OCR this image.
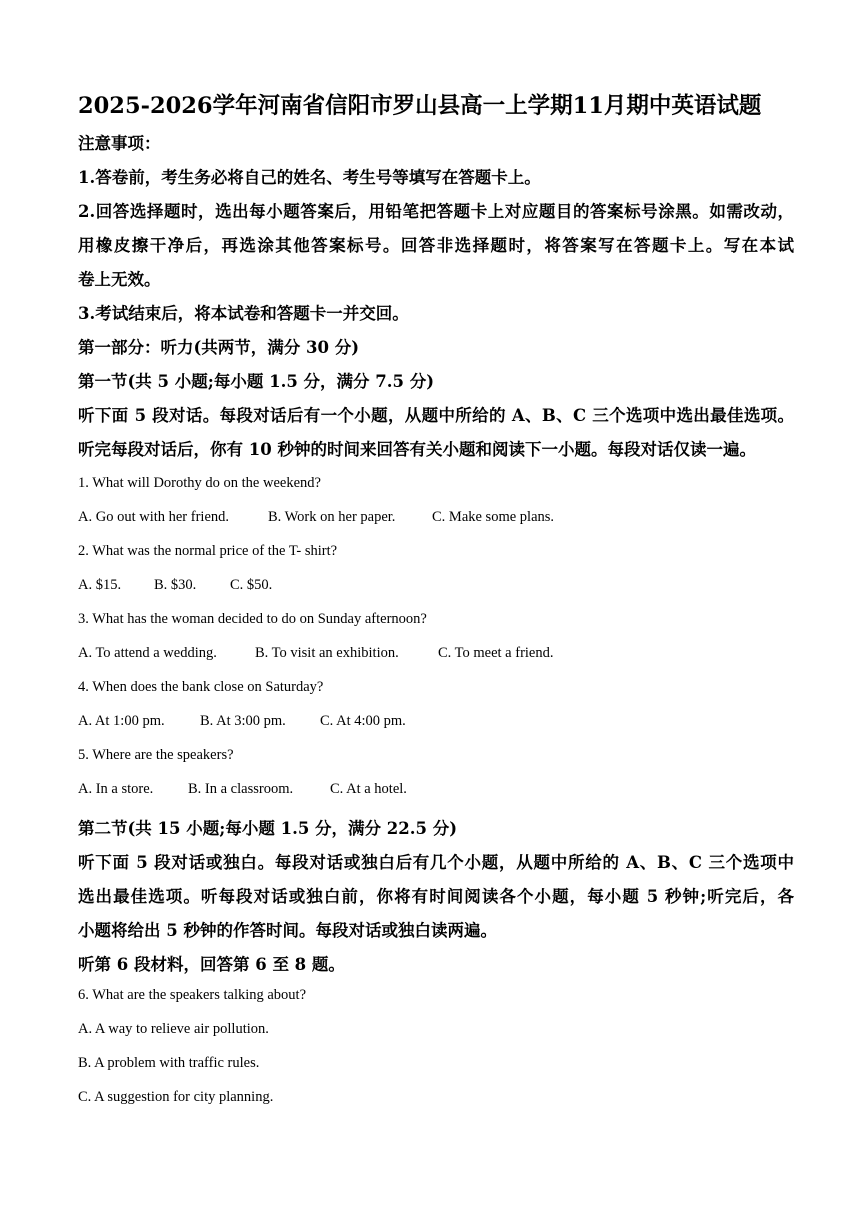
2025-2026学年河南省信阳市罗山县高一上学期11月期中英语试题
注意事项：
1.答卷前，考生务必将自己的姓名、考生号等填写在答题卡上。
2.回答选择题时，选出每小题答案后，用铅笔把答题卡上对应题目的答案标号涂黑。如需改动，
用橡皮擦干净后，再选涂其他答案标号。回答非选择题时，将答案写在答题卡上。写在本试
卷上无效。
3.考试结束后，将本试卷和答题卡一并交回。
第一部分：听力(共两节，满分 30 分)
第一节(共 5 小题;每小题 1.5 分，满分 7.5 分)
听下面 5 段对话。每段对话后有一个小题，从题中所给的 A、B、C 三个选项中选出最佳选项。
听完每段对话后，你有 10 秒钟的时间来回答有关小题和阅读下一小题。每段对话仅读一遍。
1. What will Dorothy do on the weekend?
A. Go out with her friend.	B. Work on her paper.	C. Make some plans.
2. What was the normal price of the T- shirt?
A. $15. B. $30. C. $50.
3. What has the woman decided to do on Sunday afternoon?
A. To attend a wedding.	B. To visit an exhibition.	C. To meet a friend.
4. When does the bank close on Saturday?
A. At 1:00 pm. B. At 3:00 pm. C. At 4:00 pm.
5. Where are the speakers?
A. In a store. B. In a classroom.	C. At a hotel.
第二节(共 15 小题;每小题 1.5 分，满分 22.5 分)
听下面 5 段对话或独白。每段对话或独白后有几个小题，从题中所给的 A、B、C 三个选项中
选出最佳选项。听每段对话或独白前，你将有时间阅读各个小题，每小题 5 秒钟;听完后，各
小题将给出 5 秒钟的作答时间。每段对话或独白读两遍。
听第 6 段材料，回答第 6 至 8 题。
6. What are the speakers talking about?
A. A way to relieve air pollution.
B. A problem with traffic rules.
C. A suggestion for city planning.
